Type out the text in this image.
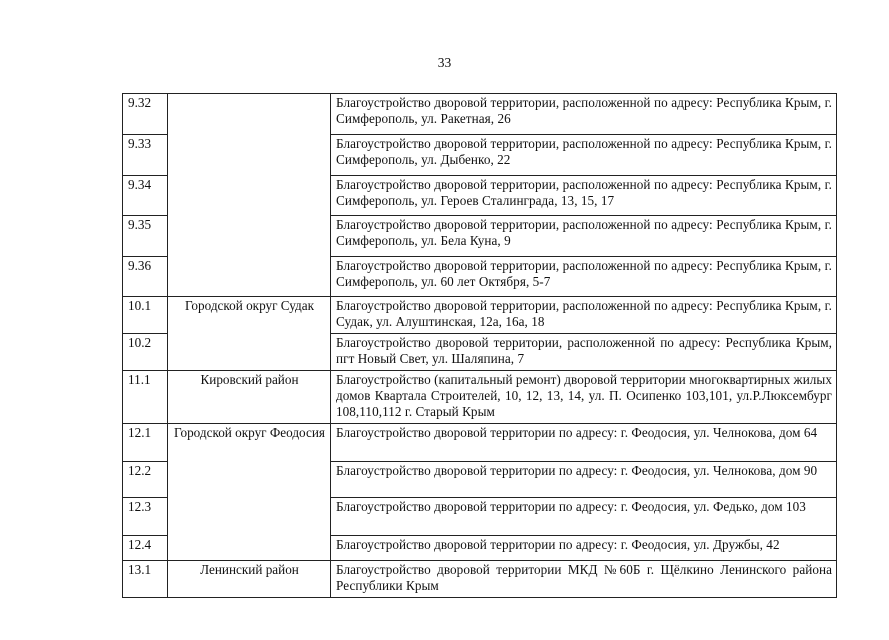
33
9.32		Благоустройство дворовой территории, расположенной по адресу: Республика Крым, г. Симферополь, ул. Ракетная, 26
9.33		Благоустройство дворовой территории, расположенной по адресу: Республика Крым, г. Симферополь, ул. Дыбенко, 22
9.34		Благоустройство дворовой территории, расположенной по адресу: Республика Крым, г. Симферополь, ул. Героев Сталинграда, 13, 15, 17
9.35		Благоустройство дворовой территории, расположенной по адресу: Республика Крым, г. Симферополь, ул. Бела Куна, 9
9.36		Благоустройство дворовой территории, расположенной по адресу: Республика Крым, г. Симферополь, ул. 60 лет Октября, 5-7
10.1	Городской округ Судак	Благоустройство дворовой территории, расположенной по адресу: Республика Крым, г. Судак, ул. Алуштинская, 12а, 16а, 18
10.2		Благоустройство дворовой территории, расположенной по адресу: Республика Крым, пгт Новый Свет, ул. Шаляпина, 7
11.1	Кировский район	Благоустройство (капитальный ремонт) дворовой территории многоквартирных жилых домов Квартала Строителей, 10, 12, 13, 14, ул. П. Осипенко 103,101, ул.Р.Люксембург 108,110,112 г. Старый Крым
12.1	Городской округ Феодосия	Благоустройство дворовой территории по адресу: г. Феодосия, ул. Челнокова, дом 64
12.2		Благоустройство дворовой территории по адресу: г. Феодосия, ул. Челнокова, дом 90
12.3		Благоустройство дворовой территории по адресу: г. Феодосия, ул. Федько, дом 103
12.4		Благоустройство дворовой территории по адресу: г. Феодосия, ул. Дружбы, 42
13.1	Ленинский район	Благоустройство дворовой территории МКД №60Б г. Щёлкино Ленинского района Республики Крым
